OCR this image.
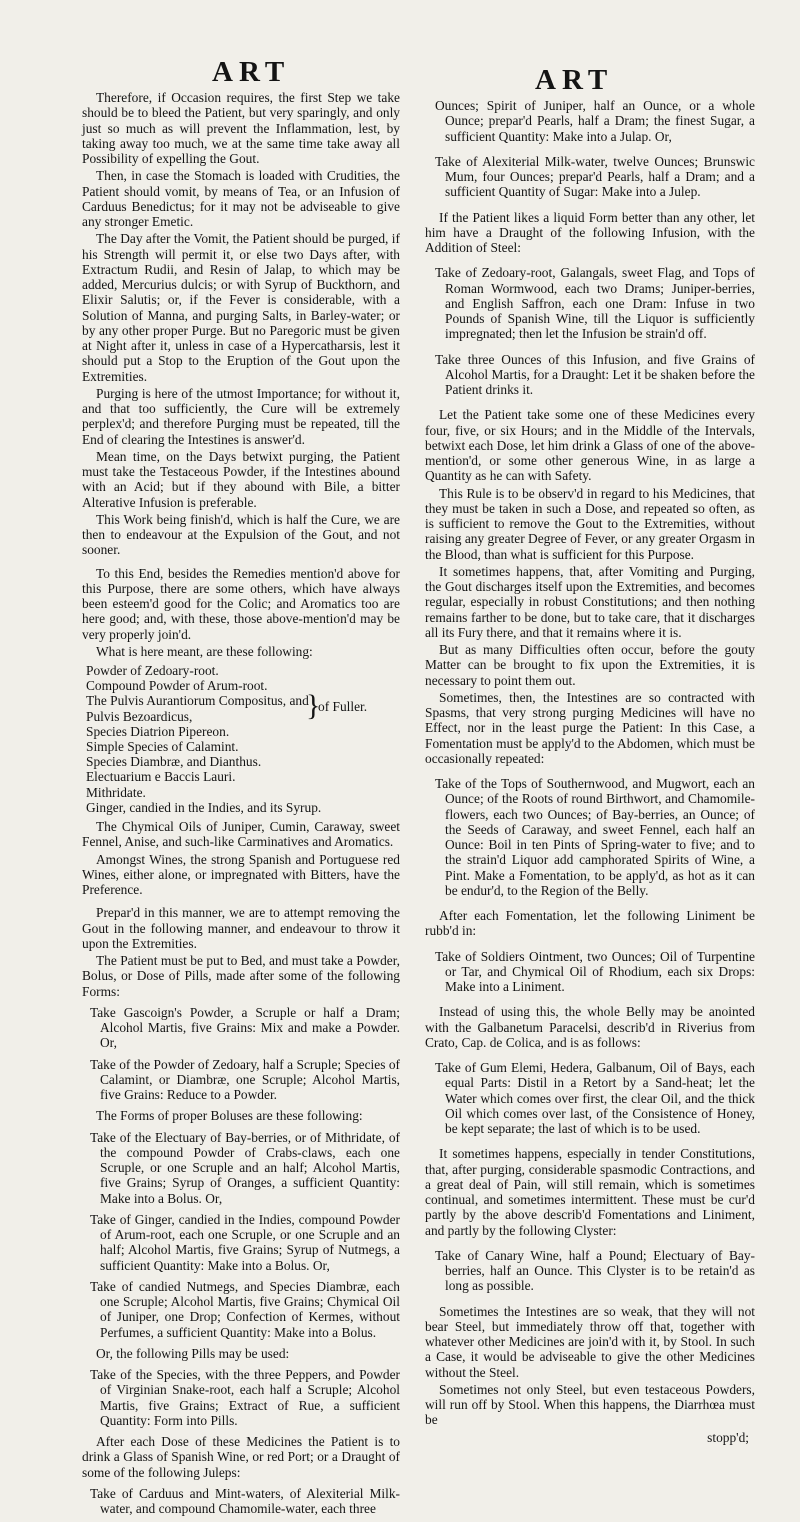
ART	ART

Therefore, if Occasion requires, the first Step we take should be to bleed the Patient, but very sparingly, and only just so much as will prevent the Inflammation, lest, by taking away too much, we at the same time take away all Possibility of expelling the Gout.

Then, in case the Stomach is loaded with Crudities, the Patient should vomit, by means of Tea, or an Infusion of Carduus Benedictus; for it may not be adviseable to give any stronger Emetic.

The Day after the Vomit, the Patient should be purged, if his Strength will permit it, or else two Days after, with Extractum Rudii, and Resin of Jalap, to which may be added, Mercurius dulcis; or with Syrup of Buckthorn, and Elixir Salutis; or, if the Fever is considerable, with a Solution of Manna, and purging Salts, in Barley-water; or by any other proper Purge. But no Paregoric must be given at Night after it, unless in case of a Hypercatharsis, lest it should put a Stop to the Eruption of the Gout upon the Extremities.

Purging is here of the utmost Importance; for without it, and that too sufficiently, the Cure will be extremely perplex'd; and therefore Purging must be repeated, till the End of clearing the Intestines is answer'd.

Mean time, on the Days betwixt purging, the Patient must take the Testaceous Powder, if the Intestines abound with an Acid; but if they abound with Bile, a bitter Alterative Infusion is preferable.

This Work being finish'd, which is half the Cure, we are then to endeavour at the Expulsion of the Gout, and not sooner.

To this End, besides the Remedies mention'd above for this Purpose, there are some others, which have always been esteem'd good for the Colic; and Aromatics too are here good; and, with these, those above-mention'd may be very properly join'd.

What is here meant, are these following:

Powder of Zedoary-root.
Compound Powder of Arum-root.
The Pulvis Aurantiorum Compositus, and
Pulvis Bezoardicus,	}
of Fuller.
Species Diatrion Pipereon.
Simple Species of Calamint.
Species Diambræ, and Dianthus.
Electuarium e Baccis Lauri.
Mithridate.
Ginger, candied in the Indies, and its Syrup.

The Chymical Oils of Juniper, Cumin, Caraway, sweet Fennel, Anise, and such-like Carminatives and Aromatics.

Amongst Wines, the strong Spanish and Portuguese red Wines, either alone, or impregnated with Bitters, have the Preference.

Prepar'd in this manner, we are to attempt removing the Gout in the following manner, and endeavour to throw it upon the Extremities.

The Patient must be put to Bed, and must take a Powder, Bolus, or Dose of Pills, made after some of the following Forms:

Take Gascoign's Powder, a Scruple or half a Dram; Alcohol Martis, five Grains: Mix and make a Powder. Or,
Take of the Powder of Zedoary, half a Scruple; Species of Calamint, or Diambræ, one Scruple; Alcohol Martis, five Grains: Reduce to a Powder.

The Forms of proper Boluses are these following:

Take of the Electuary of Bay-berries, or of Mithridate, of the compound Powder of Crabs-claws, each one Scruple, or one Scruple and an half; Alcohol Martis, five Grains; Syrup of Oranges, a sufficient Quantity: Make into a Bolus. Or,
Take of Ginger, candied in the Indies, compound Powder of Arum-root, each one Scruple, or one Scruple and an half; Alcohol Martis, five Grains; Syrup of Nutmegs, a sufficient Quantity: Make into a Bolus. Or,
Take of candied Nutmegs, and Species Diambræ, each one Scruple; Alcohol Martis, five Grains; Chymical Oil of Juniper, one Drop; Confection of Kermes, without Perfumes, a sufficient Quantity: Make into a Bolus.

Or, the following Pills may be used:

Take of the Species, with the three Peppers, and Powder of Virginian Snake-root, each half a Scruple; Alcohol Martis, five Grains; Extract of Rue, a sufficient Quantity: Form into Pills.

After each Dose of these Medicines the Patient is to drink a Glass of Spanish Wine, or red Port; or a Draught of some of the following Juleps:

Take of Carduus and Mint-waters, of Alexiterial Milk-water, and compound Chamomile-water, each three
Ounces; Spirit of Juniper, half an Ounce, or a whole Ounce; prepar'd Pearls, half a Dram; the finest Sugar, a sufficient Quantity: Make into a Julap. Or,
Take of Alexiterial Milk-water, twelve Ounces; Brunswic Mum, four Ounces; prepar'd Pearls, half a Dram; and a sufficient Quantity of Sugar: Make into a Julep.

If the Patient likes a liquid Form better than any other, let him have a Draught of the following Infusion, with the Addition of Steel:

Take of Zedoary-root, Galangals, sweet Flag, and Tops of Roman Wormwood, each two Drams; Juniper-berries, and English Saffron, each one Dram: Infuse in two Pounds of Spanish Wine, till the Liquor is sufficiently impregnated; then let the Infusion be strain'd off.
Take three Ounces of this Infusion, and five Grains of Alcohol Martis, for a Draught: Let it be shaken before the Patient drinks it.

Let the Patient take some one of these Medicines every four, five, or six Hours; and in the Middle of the Intervals, betwixt each Dose, let him drink a Glass of one of the above-mention'd, or some other generous Wine, in as large a Quantity as he can with Safety.

This Rule is to be observ'd in regard to his Medicines, that they must be taken in such a Dose, and repeated so often, as is sufficient to remove the Gout to the Extremities, without raising any greater Degree of Fever, or any greater Orgasm in the Blood, than what is sufficient for this Purpose.

It sometimes happens, that, after Vomiting and Purging, the Gout discharges itself upon the Extremities, and becomes regular, especially in robust Constitutions; and then nothing remains farther to be done, but to take care, that it discharges all its Fury there, and that it remains where it is.

But as many Difficulties often occur, before the gouty Matter can be brought to fix upon the Extremities, it is necessary to point them out.

Sometimes, then, the Intestines are so contracted with Spasms, that very strong purging Medicines will have no Effect, nor in the least purge the Patient: In this Case, a Fomentation must be apply'd to the Abdomen, which must be occasionally repeated:

Take of the Tops of Southernwood, and Mugwort, each an Ounce; of the Roots of round Birthwort, and Chamomile-flowers, each two Ounces; of Bay-berries, an Ounce; of the Seeds of Caraway, and sweet Fennel, each half an Ounce: Boil in ten Pints of Spring-water to five; and to the strain'd Liquor add camphorated Spirits of Wine, a Pint. Make a Fomentation, to be apply'd, as hot as it can be endur'd, to the Region of the Belly.

After each Fomentation, let the following Liniment be rubb'd in:

Take of Soldiers Ointment, two Ounces; Oil of Turpentine or Tar, and Chymical Oil of Rhodium, each six Drops: Make into a Liniment.

Instead of using this, the whole Belly may be anointed with the Galbanetum Paracelsi, describ'd in Riverius from Crato, Cap. de Colica, and is as follows:

Take of Gum Elemi, Hedera, Galbanum, Oil of Bays, each equal Parts: Distil in a Retort by a Sand-heat; let the Water which comes over first, the clear Oil, and the thick Oil which comes over last, of the Consistence of Honey, be kept separate; the last of which is to be used.

It sometimes happens, especially in tender Constitutions, that, after purging, considerable spasmodic Contractions, and a great deal of Pain, will still remain, which is sometimes continual, and sometimes intermittent. These must be cur'd partly by the above describ'd Fomentations and Liniment, and partly by the following Clyster:

Take of Canary Wine, half a Pound; Electuary of Bay-berries, half an Ounce. This Clyster is to be retain'd as long as possible.

Sometimes the Intestines are so weak, that they will not bear Steel, but immediately throw off that, together with whatever other Medicines are join'd with it, by Stool. In such a Case, it would be adviseable to give the other Medicines without the Steel.

Sometimes not only Steel, but even testaceous Powders, will run off by Stool. When this happens, the Diarrhœa must be

stopp'd;
